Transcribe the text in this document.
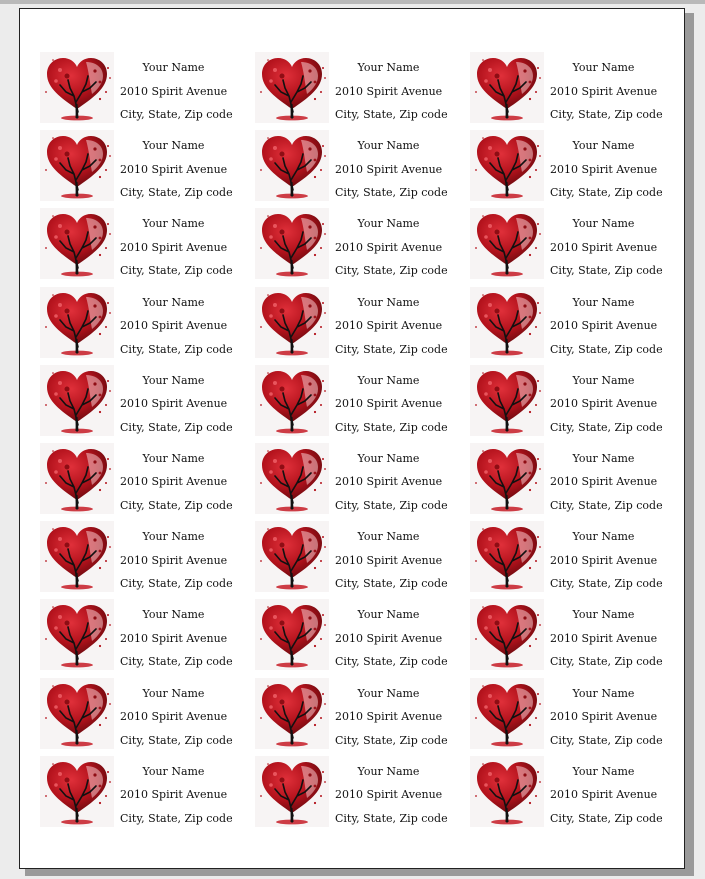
Your Name
2010 Spirit Avenue
City, State, Zip code
Your Name
2010 Spirit Avenue
City, State, Zip code
Your Name
2010 Spirit Avenue
City, State, Zip code
Your Name
2010 Spirit Avenue
City, State, Zip code
Your Name
2010 Spirit Avenue
City, State, Zip code
Your Name
2010 Spirit Avenue
City, State, Zip code
Your Name
2010 Spirit Avenue
City, State, Zip code
Your Name
2010 Spirit Avenue
City, State, Zip code
Your Name
2010 Spirit Avenue
City, State, Zip code
Your Name
2010 Spirit Avenue
City, State, Zip code
Your Name
2010 Spirit Avenue
City, State, Zip code
Your Name
2010 Spirit Avenue
City, State, Zip code
Your Name
2010 Spirit Avenue
City, State, Zip code
Your Name
2010 Spirit Avenue
City, State, Zip code
Your Name
2010 Spirit Avenue
City, State, Zip code
Your Name
2010 Spirit Avenue
City, State, Zip code
Your Name
2010 Spirit Avenue
City, State, Zip code
Your Name
2010 Spirit Avenue
City, State, Zip code
Your Name
2010 Spirit Avenue
City, State, Zip code
Your Name
2010 Spirit Avenue
City, State, Zip code
Your Name
2010 Spirit Avenue
City, State, Zip code
Your Name
2010 Spirit Avenue
City, State, Zip code
Your Name
2010 Spirit Avenue
City, State, Zip code
Your Name
2010 Spirit Avenue
City, State, Zip code
Your Name
2010 Spirit Avenue
City, State, Zip code
Your Name
2010 Spirit Avenue
City, State, Zip code
Your Name
2010 Spirit Avenue
City, State, Zip code
Your Name
2010 Spirit Avenue
City, State, Zip code
Your Name
2010 Spirit Avenue
City, State, Zip code
Your Name
2010 Spirit Avenue
City, State, Zip code
